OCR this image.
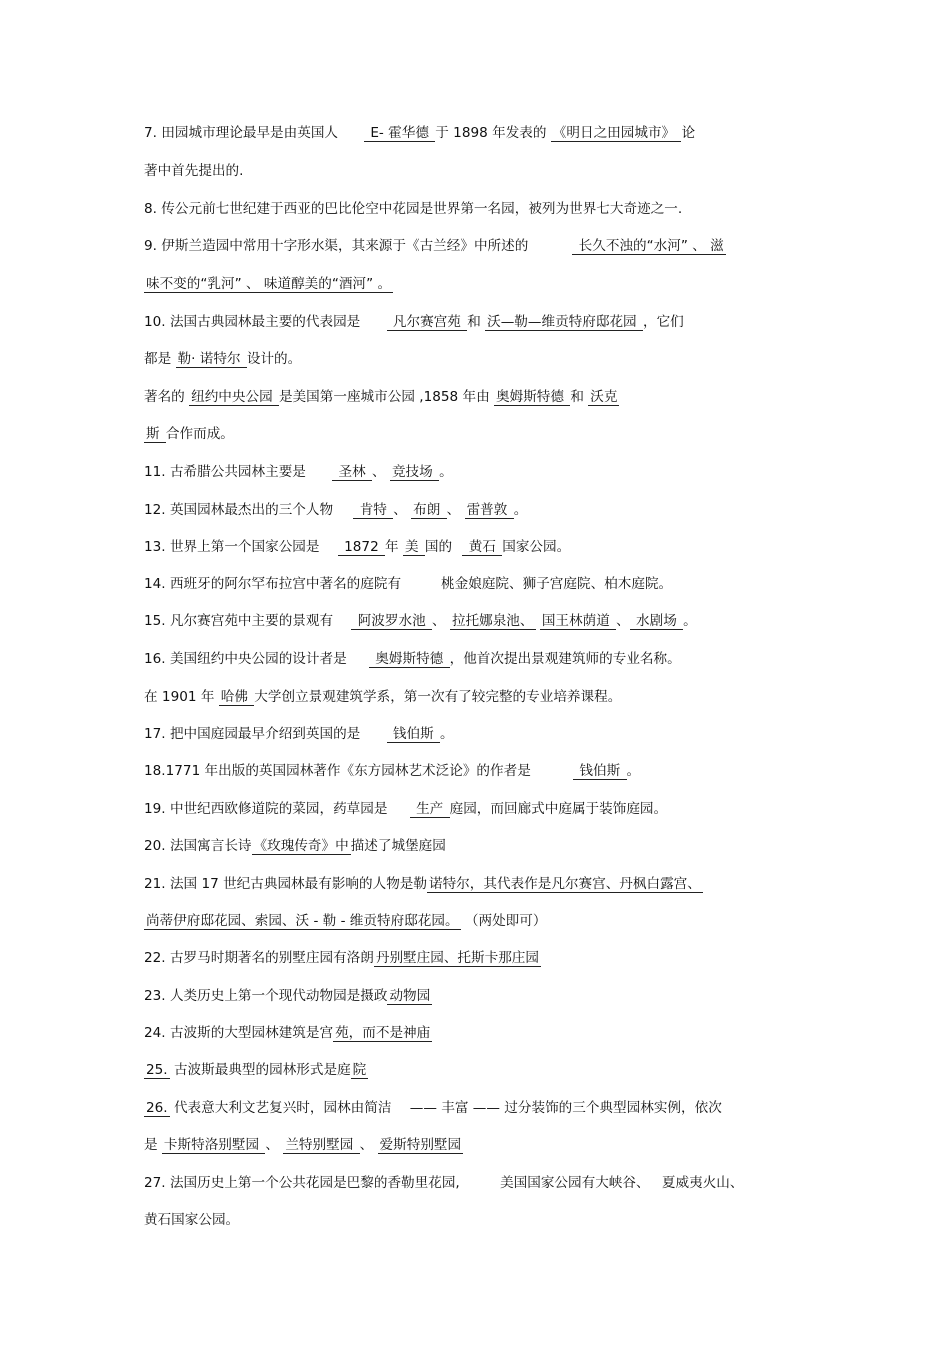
7. 田园城市理论最早是由英国人 E- 霍华德 于 1898 年发表的 《明日之田园城市》 论
著中首先提出的.
8. 传公元前七世纪建于西亚的巴比伦空中花园是世界第一名园，被列为世界七大奇迹之一.
9. 伊斯兰造园中常用十字形水渠，其来源于《古兰经》中所述的	长久不浊的“水河” 、 滋
味不变的“乳河” 、 味道醇美的“酒河” 。
10. 法国古典园林最主要的代表园是  凡尔赛宫苑 和 沃—勒—维贡特府邸花园 ，它们
都是 勒· 诺特尔 设计的。
著名的 纽约中央公园 是美国第一座城市公园 ,1858 年由 奥姆斯特德 和 沃克
斯 合作而成。
11. 古希腊公共园林主要是  圣林 、 竞技场 。
12. 英国园林最杰出的三个人物  肯特 、 布朗 、 雷普敦 。
13. 世界上第一个国家公园是  1872 年 美 国的  黄石 国家公园。
14. 西班牙的阿尔罕布拉宫中著名的庭院有	桃金娘庭院、狮子宫庭院、柏木庭院。
15. 凡尔赛宫苑中主要的景观有  阿波罗水池 、 拉托娜泉池、 国王林荫道 、 水剧场 。
16. 美国纽约中央公园的设计者是  奥姆斯特德 ，他首次提出景观建筑师的专业名称。
在 1901 年 哈佛 大学创立景观建筑学系，第一次有了较完整的专业培养课程。
17. 把中国庭园最早介绍到英国的是  钱伯斯 。
18.1771 年出版的英国园林著作《东方园林艺术泛论》的作者是	钱伯斯 。
19. 中世纪西欧修道院的菜园，药草园是  生产 庭园，而回廊式中庭属于装饰庭园。
20. 法国寓言长诗 《玫瑰传奇》中 描述了城堡庭园
21. 法国 17 世纪古典园林最有影响的人物是勒 诺特尔，其代表作是凡尔赛宫、丹枫白露宫、
尚蒂伊府邸花园、索园、沃 - 勒 - 维贡特府邸花园。 （两处即可）
22. 古罗马时期著名的别墅庄园有洛朗 丹别墅庄园、托斯卡那庄园
23. 人类历史上第一个现代动物园是摄政 动物园
24. 古波斯的大型园林建筑是宫 苑，而不是神庙
25. 古波斯最典型的园林形式是庭 院
26. 代表意大利文艺复兴时，园林由简洁 —— 丰富 —— 过分装饰的三个典型园林实例，依次
是 卡斯特洛别墅园 、 兰特别墅园 、 爱斯特别墅园
27. 法国历史上第一个公共花园是巴黎的香勒里花园,	美国国家公园有大峡谷、 夏威夷火山、
黄石国家公园。
